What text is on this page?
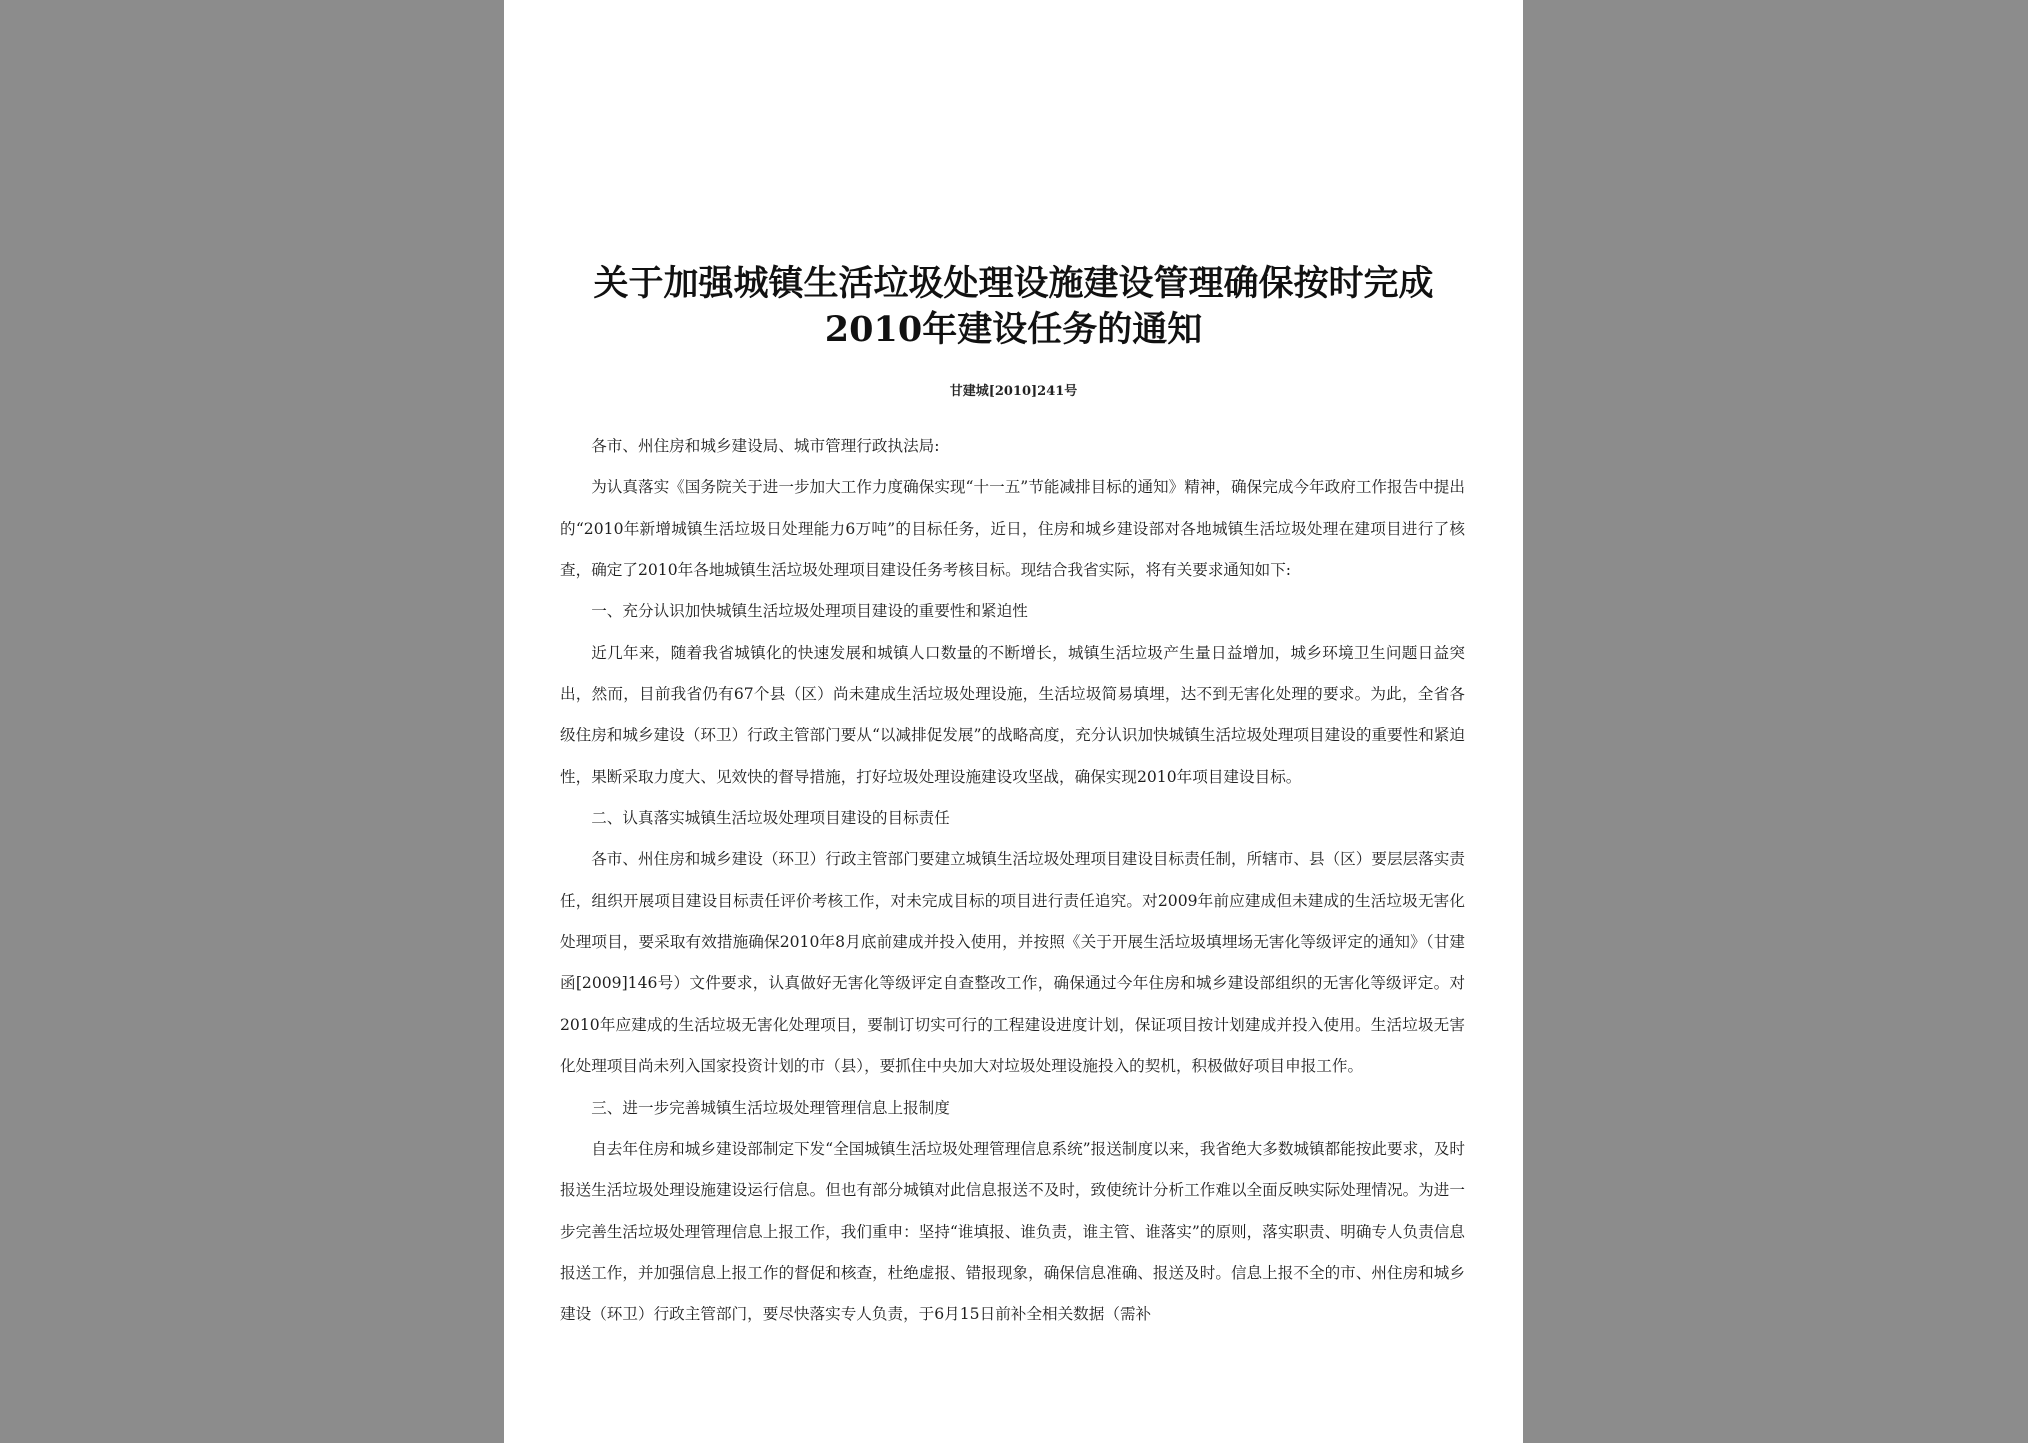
关于加强城镇生活垃圾处理设施建设管理确保按时完成
2010年建设任务的通知
甘建城[2010]241号

各市、州住房和城乡建设局、城市管理行政执法局:

为认真落实《国务院关于进一步加大工作力度确保实现“十一五”节能减排目标的通知》精神，确保完成今年政府工作报告中提出的“2010年新增城镇生活垃圾日处理能力6万吨”的目标任务，近日，住房和城乡建设部对各地城镇生活垃圾处理在建项目进行了核查，确定了2010年各地城镇生活垃圾处理项目建设任务考核目标。现结合我省实际，将有关要求通知如下:

一、充分认识加快城镇生活垃圾处理项目建设的重要性和紧迫性

近几年来，随着我省城镇化的快速发展和城镇人口数量的不断增长，城镇生活垃圾产生量日益增加，城乡环境卫生问题日益突出，然而，目前我省仍有67个县（区）尚未建成生活垃圾处理设施，生活垃圾简易填埋，达不到无害化处理的要求。为此，全省各级住房和城乡建设（环卫）行政主管部门要从“以减排促发展”的战略高度，充分认识加快城镇生活垃圾处理项目建设的重要性和紧迫性，果断采取力度大、见效快的督导措施，打好垃圾处理设施建设攻坚战，确保实现2010年项目建设目标。

二、认真落实城镇生活垃圾处理项目建设的目标责任

各市、州住房和城乡建设（环卫）行政主管部门要建立城镇生活垃圾处理项目建设目标责任制，所辖市、县（区）要层层落实责任，组织开展项目建设目标责任评价考核工作，对未完成目标的项目进行责任追究。对2009年前应建成但未建成的生活垃圾无害化处理项目，要采取有效措施确保2010年8月底前建成并投入使用，并按照《关于开展生活垃圾填埋场无害化等级评定的通知》（甘建函[2009]146号）文件要求，认真做好无害化等级评定自查整改工作，确保通过今年住房和城乡建设部组织的无害化等级评定。对2010年应建成的生活垃圾无害化处理项目，要制订切实可行的工程建设进度计划，保证项目按计划建成并投入使用。生活垃圾无害化处理项目尚未列入国家投资计划的市（县），要抓住中央加大对垃圾处理设施投入的契机，积极做好项目申报工作。

三、进一步完善城镇生活垃圾处理管理信息上报制度

自去年住房和城乡建设部制定下发“全国城镇生活垃圾处理管理信息系统”报送制度以来，我省绝大多数城镇都能按此要求，及时报送生活垃圾处理设施建设运行信息。但也有部分城镇对此信息报送不及时，致使统计分析工作难以全面反映实际处理情况。为进一步完善生活垃圾处理管理信息上报工作，我们重申：坚持“谁填报、谁负责，谁主管、谁落实”的原则，落实职责、明确专人负责信息报送工作，并加强信息上报工作的督促和核查，杜绝虚报、错报现象，确保信息准确、报送及时。信息上报不全的市、州住房和城乡建设（环卫）行政主管部门，要尽快落实专人负责，于6月15日前补全相关数据（需补
